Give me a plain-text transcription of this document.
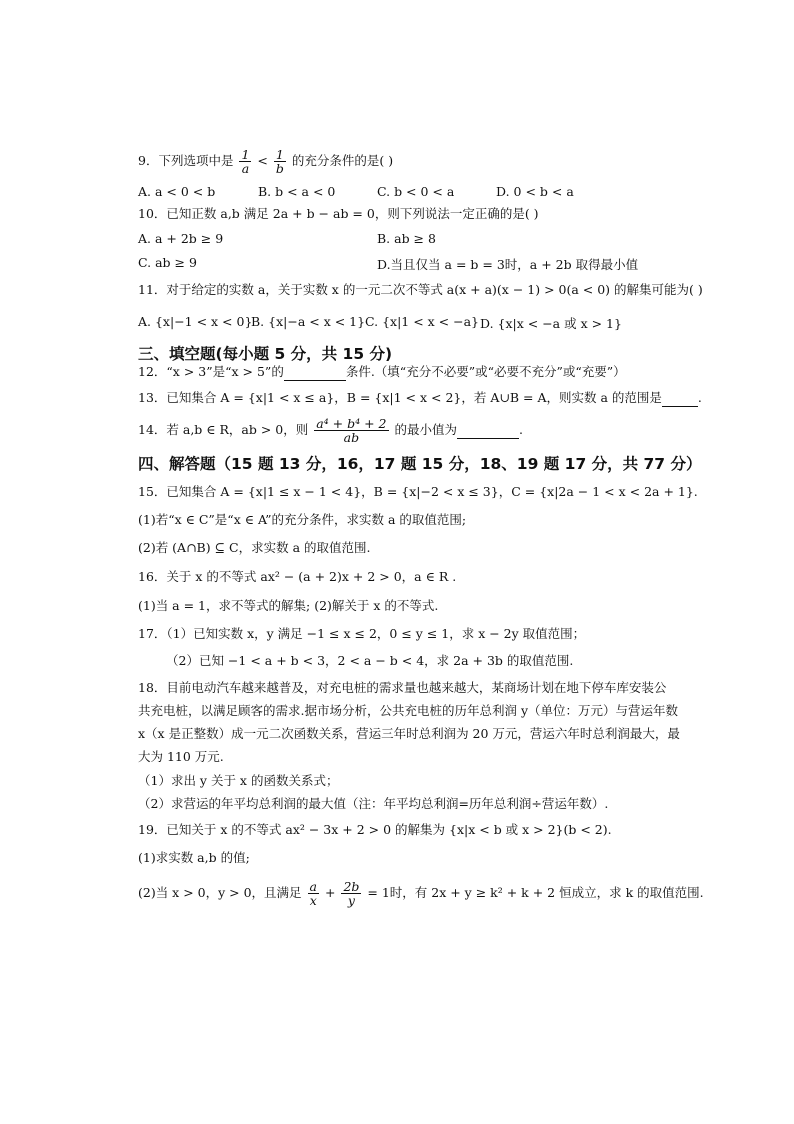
9．下列选项中是 $\frac{1}{a} < \frac{1}{b}$ 的充分条件的是( )
A. a < 0 < b	B. b < a < 0	C. b < 0 < a	D. 0 < b < a
10．已知正数 a,b 满足 2a + b − ab = 0，则下列说法一定正确的是( )
A. a + 2b ≥ 9	B. ab ≥ 8
C. ab ≥ 9	D.当且仅当 a = b = 3时，a + 2b 取得最小值
11．对于给定的实数 a，关于实数 x 的一元二次不等式 a(x + a)(x − 1) > 0(a < 0) 的解集可能为( )
A. {x|−1 < x < 0}
B. {x|−a < x < 1} C. {x|1 < x < −a} D. {x|x < −a 或 x > 1}
三、填空题(每小题 5 分，共 15 分)
12．“x > 3”是“x > 5”的	条件.（填“充分不必要”或“必要不充分”或“充要”）
13．已知集合 A = {x|1 < x ≤ a}，B = {x|1 < x < 2}，若 A∪B = A，则实数 a 的范围是	.
14．若 a,b ∈ R，ab > 0，则 $\frac{\text{a⁴ + b⁴ + 2}}{ab}$ 的最小值为	.
四、解答题（15 题 13 分，16，17 题 15 分，18、19 题 17 分，共 77 分）
15．已知集合 A = {x|1 ≤ x − 1 < 4}，B = {x|−2 < x ≤ 3}，C = {x|2a − 1 < x < 2a + 1}.
(1)若“x ∈ C”是“x ∈ A”的充分条件，求实数 a 的取值范围;
(2)若 (A∩B) ⊆ C，求实数 a 的取值范围.
16．关于 x 的不等式 ax² − (a + 2)x + 2 > 0，a ∈ R .
(1)当 a = 1，求不等式的解集; (2)解关于 x 的不等式.
17．（1）已知实数 x，y 满足 −1 ≤ x ≤ 2，0 ≤ y ≤ 1，求 x − 2y 取值范围；
（2）已知 −1 < a + b < 3，2 < a − b < 4，求 2a + 3b 的取值范围.
18．目前电动汽车越来越普及，对充电桩的需求量也越来越大，某商场计划在地下停车库安装公
共充电桩，以满足顾客的需求.据市场分析，公共充电桩的历年总利润 y（单位：万元）与营运年数
x（x 是正整数）成一元二次函数关系，营运三年时总利润为 20 万元，营运六年时总利润最大，最
大为 110 万元.
（1）求出 y 关于 x 的函数关系式；
（2）求营运的年平均总利润的最大值（注：年平均总利润=历年总利润÷营运年数）.
19．已知关于 x 的不等式 ax² − 3x + 2 > 0 的解集为 {x|x < b 或 x > 2}(b < 2).
(1)求实数 a,b 的值;
(2)当 x > 0，y > 0，且满足 $\frac{a}{x} + \frac{2b}{y} = 1$时，有 2x + y ≥ k² + k + 2 恒成立，求 k 的取值范围.
